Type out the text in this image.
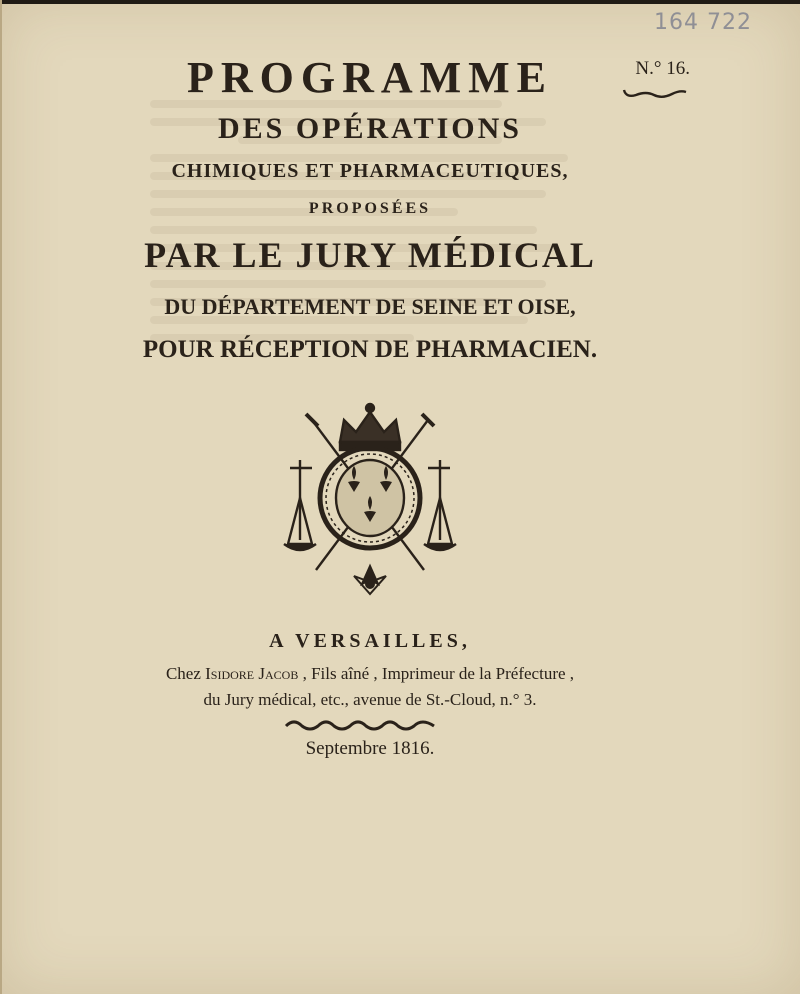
164 722
N.° 16.
PROGRAMME
DES OPÉRATIONS
CHIMIQUES ET PHARMACEUTIQUES,
PROPOSÉES
PAR LE JURY MÉDICAL
DU DÉPARTEMENT DE SEINE ET OISE,
POUR RÉCEPTION DE PHARMACIEN.
A VERSAILLES,
Chez Isidore Jacob , Fils aîné , Imprimeur de la Préfecture ,
du Jury médical, etc., avenue de St.-Cloud, n.° 3.
Septembre 1816.
